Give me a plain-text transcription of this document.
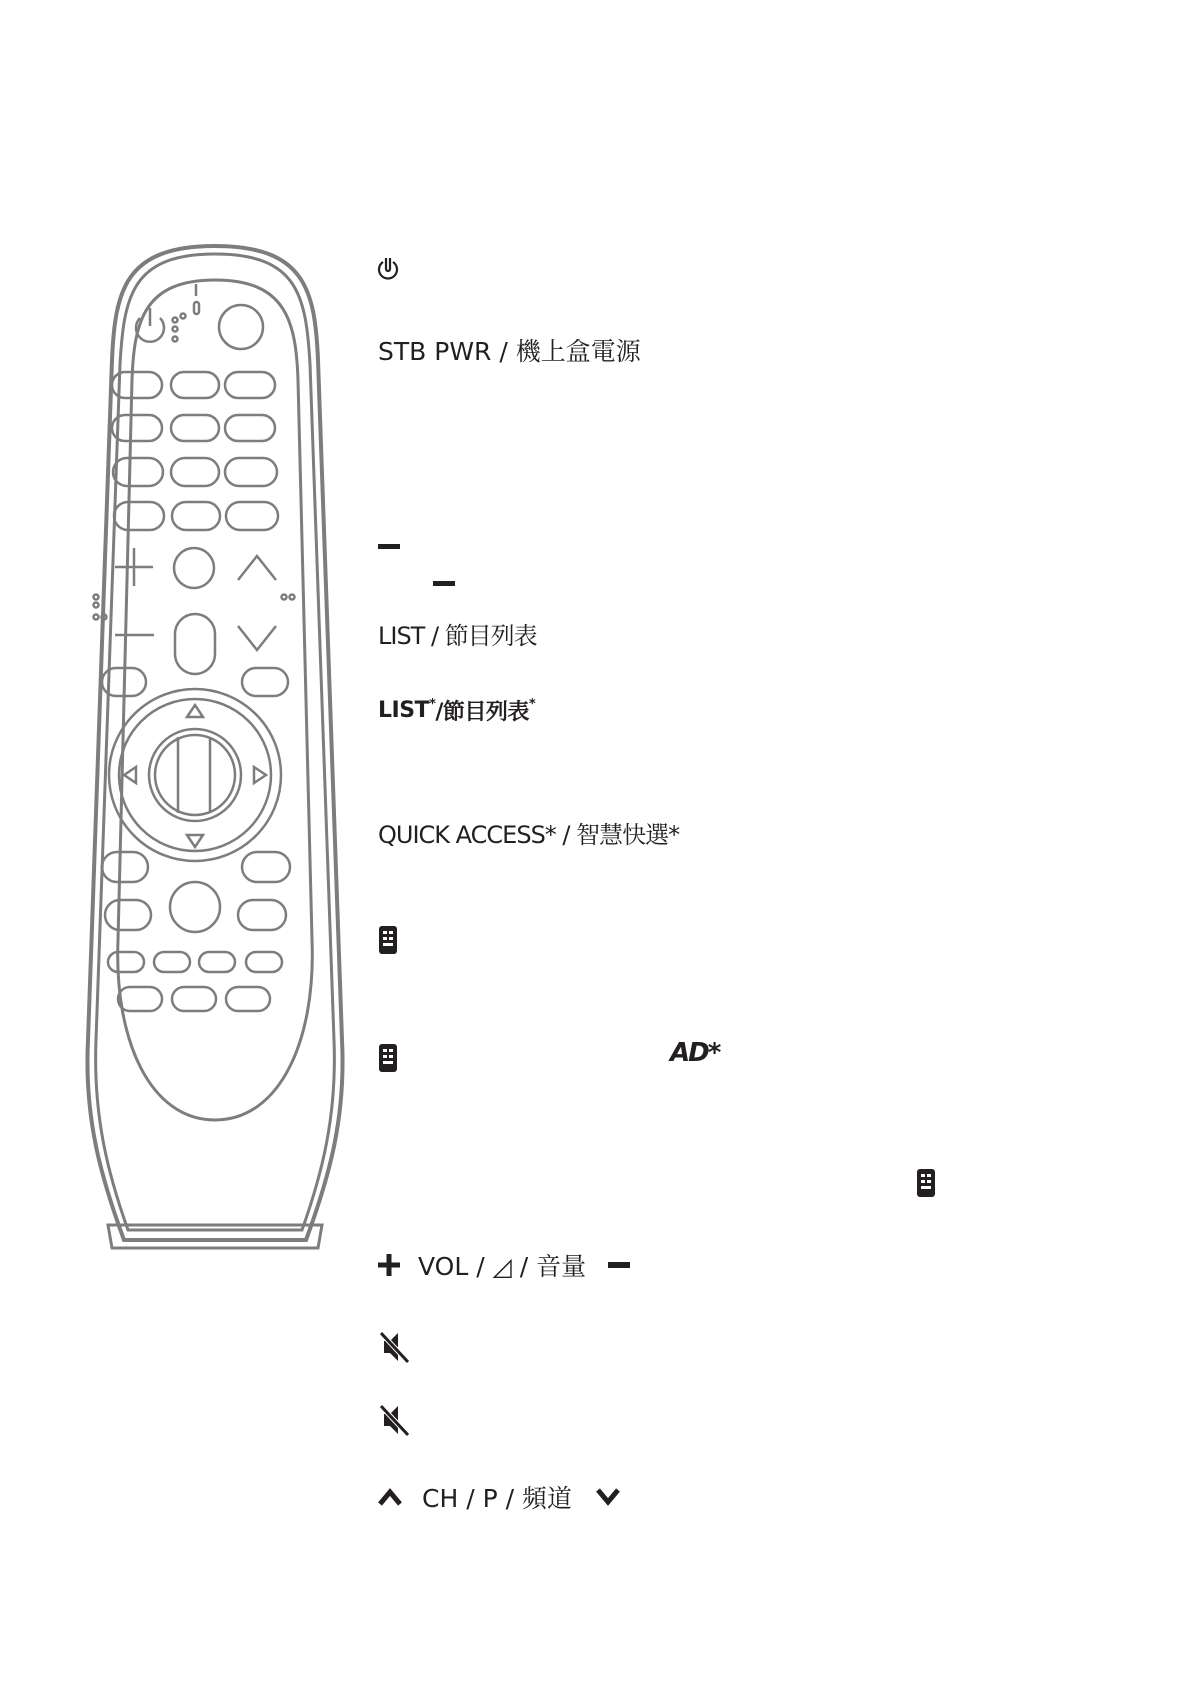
STB PWR / 機上盒電源
LIST / 節目列表
LIST * /節目列表 *
QUICK ACCESS* / 智慧快選*
AD*
VOL / ◿ / 音量
CH / P / 頻道
